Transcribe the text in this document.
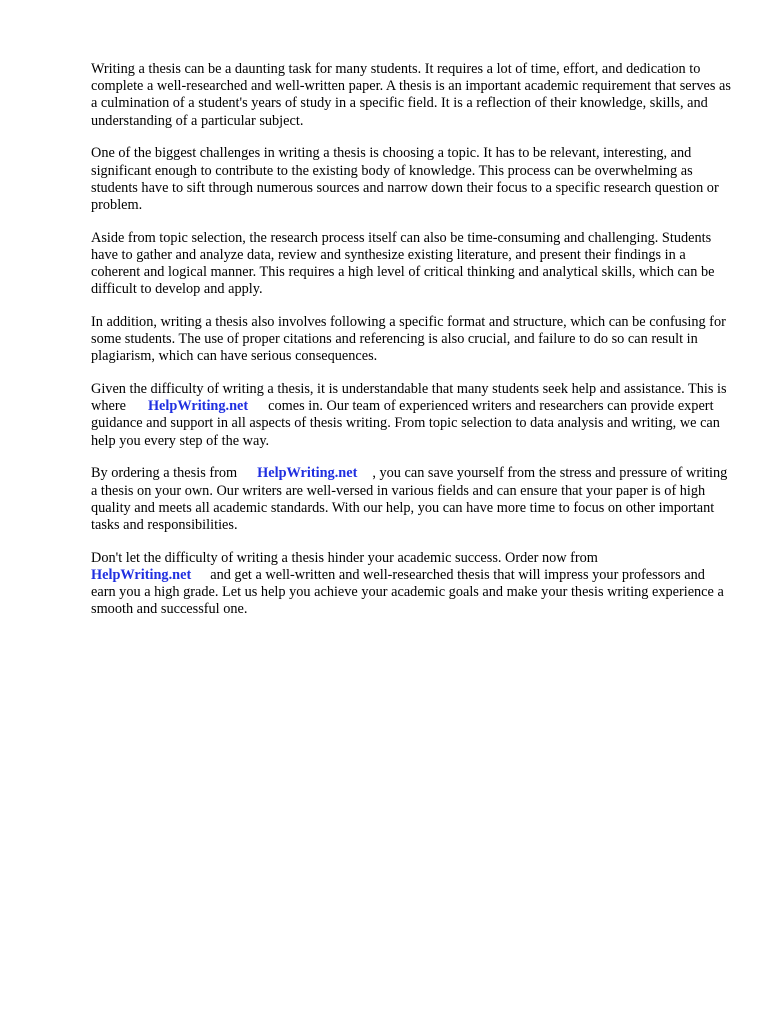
Writing a thesis can be a daunting task for many students. It requires a lot of time, effort, and dedication to complete a well-researched and well-written paper. A thesis is an important academic requirement that serves as a culmination of a student's years of study in a specific field. It is a reflection of their knowledge, skills, and understanding of a particular subject.

One of the biggest challenges in writing a thesis is choosing a topic. It has to be relevant, interesting, and significant enough to contribute to the existing body of knowledge. This process can be overwhelming as students have to sift through numerous sources and narrow down their focus to a specific research question or problem.

Aside from topic selection, the research process itself can also be time-consuming and challenging. Students have to gather and analyze data, review and synthesize existing literature, and present their findings in a coherent and logical manner. This requires a high level of critical thinking and analytical skills, which can be difficult to develop and apply.

In addition, writing a thesis also involves following a specific format and structure, which can be confusing for some students. The use of proper citations and referencing is also crucial, and failure to do so can result in plagiarism, which can have serious consequences.

Given the difficulty of writing a thesis, it is understandable that many students seek help and assistance. This is where HelpWriting.net comes in. Our team of experienced writers and researchers can provide expert guidance and support in all aspects of thesis writing. From topic selection to data analysis and writing, we can help you every step of the way.

By ordering a thesis from HelpWriting.net , you can save yourself from the stress and pressure of writing a thesis on your own. Our writers are well-versed in various fields and can ensure that your paper is of high quality and meets all academic standards. With our help, you can have more time to focus on other important tasks and responsibilities.

Don't let the difficulty of writing a thesis hinder your academic success. Order now from
HelpWriting.net and get a well-written and well-researched thesis that will impress your professors and earn you a high grade. Let us help you achieve your academic goals and make your thesis writing experience a smooth and successful one.
